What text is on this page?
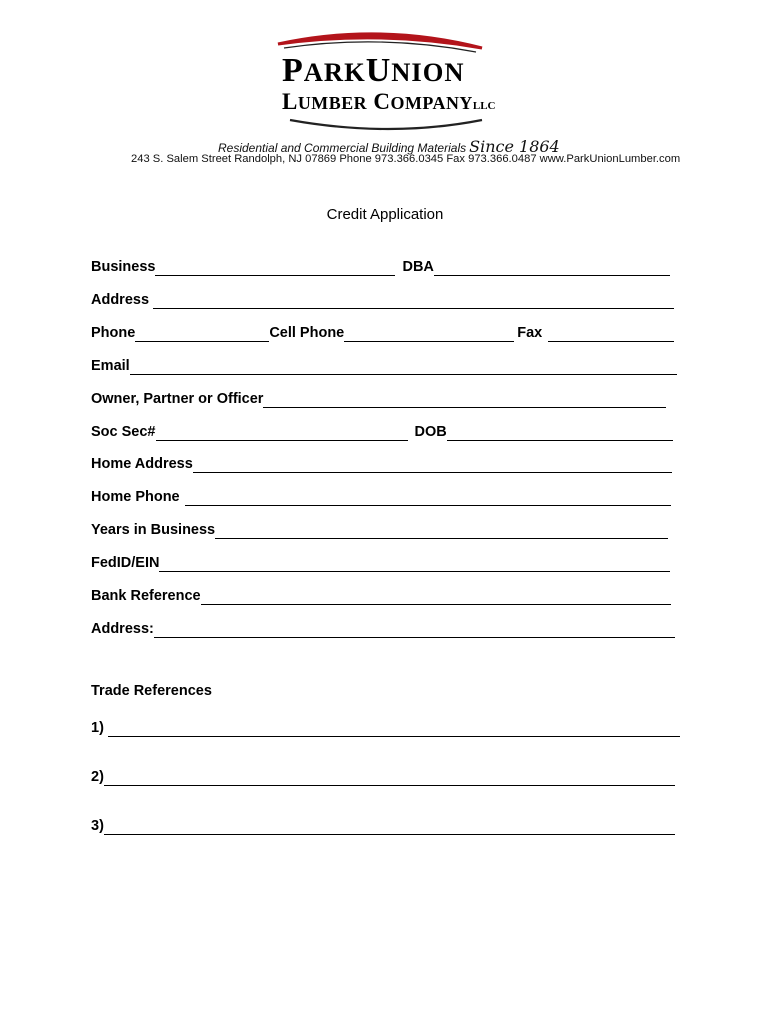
PARKUNION
LUMBER COMPANYLLC
Residential and Commercial Building Materials Since 1864
243 S. Salem Street Randolph, NJ 07869 Phone 973.366.0345 Fax 973.366.0487 www.ParkUnionLumber.com
Credit Application
Business	DBA
Address
Phone	Cell Phone	Fax
Email
Owner, Partner or Officer
Soc Sec#	DOB
Home Address
Home Phone
Years in Business
FedID/EIN
Bank Reference
Address:
Trade References
1)
2)
3)
